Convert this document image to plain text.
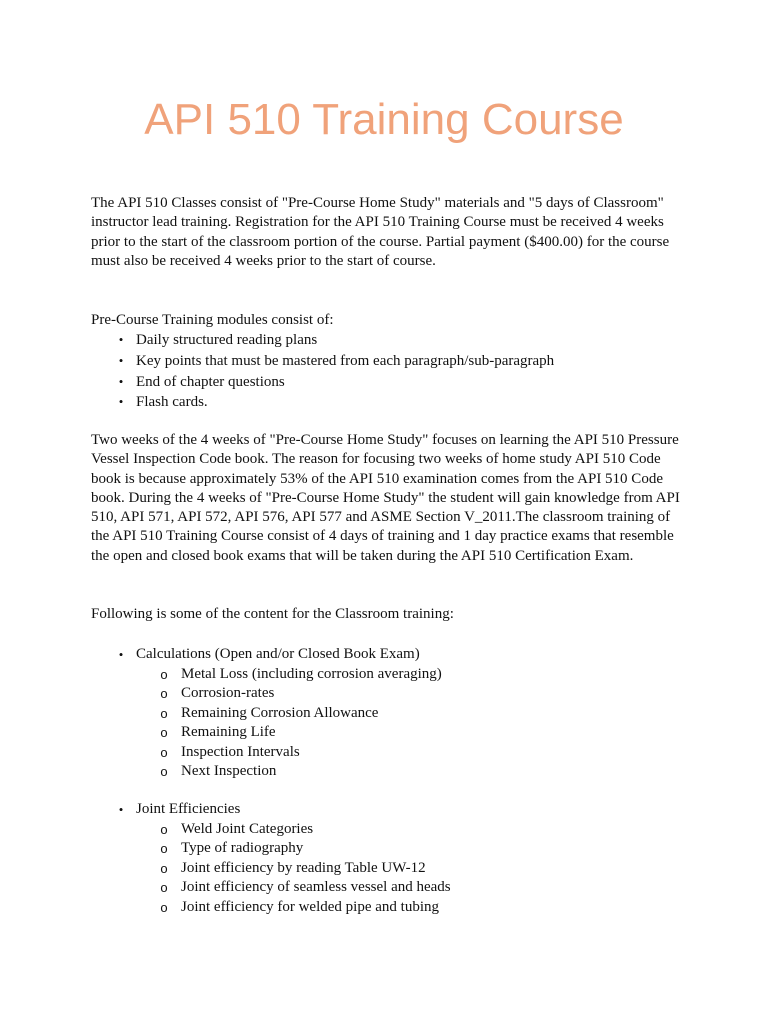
API 510 Training Course

The API 510 Classes consist of "Pre-Course Home Study" materials and "5 days of Classroom" instructor lead training. Registration for the API 510 Training Course must be received 4 weeks prior to the start of the classroom portion of the course. Partial payment ($400.00) for the course must also be received 4 weeks prior to the start of course.

Pre-Course Training modules consist of:

• Daily structured reading plans
• Key points that must be mastered from each paragraph/sub-paragraph
• End of chapter questions
• Flash cards.

Two weeks of the 4 weeks of "Pre-Course Home Study" focuses on learning the API 510 Pressure Vessel Inspection Code book. The reason for focusing two weeks of home study API 510 Code book is because approximately 53% of the API 510 examination comes from the API 510 Code book. During the 4 weeks of "Pre-Course Home Study" the student will gain knowledge from API 510, API 571, API 572, API 576, API 577 and ASME Section V_2011.The classroom training of the API 510 Training Course consist of 4 days of training and 1 day practice exams that resemble the open and closed book exams that will be taken during the API 510 Certification Exam.

Following is some of the content for the Classroom training:

• Calculations (Open and/or Closed Book Exam)
o Metal Loss (including corrosion averaging)
o Corrosion-rates
o Remaining Corrosion Allowance
o Remaining Life
o Inspection Intervals
o Next Inspection
• Joint Efficiencies
o Weld Joint Categories
o Type of radiography
o Joint efficiency by reading Table UW-12
o Joint efficiency of seamless vessel and heads
o Joint efficiency for welded pipe and tubing
